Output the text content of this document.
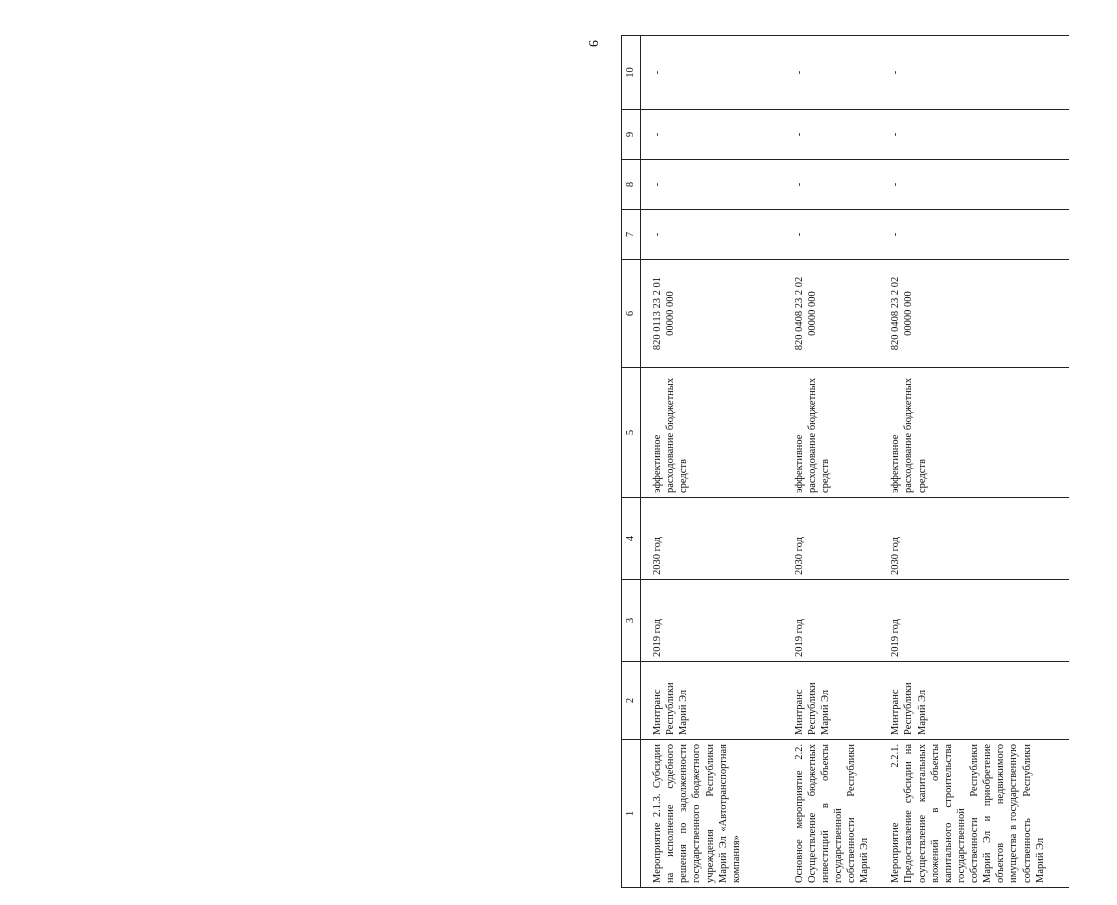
9
1	2	3	4	5	6	7	8	9	10
Мероприятие 2.1.3. Субсидии на исполнение судебного решения по задолженности государственного бюджетного учреждения Республики Марий Эл «Автотранспортная компания»	Минтранс Республики Марий Эл	2019 год	2030 год	эффективное расходование бюджетных средств	820 0113 23 2 01 00000 000	-	-	-	-
Основное мероприятие 2.2. Осуществление бюджетных инвестиций в объекты государственной собственности Республики Марий Эл	Минтранс Республики Марий Эл	2019 год	2030 год	эффективное расходование бюджетных средств	820 0408 23 2 02 00000 000	-	-	-	-
Мероприятие 2.2.1. Предоставление субсидии на осуществление капитальных вложений в объекты капитального строительства государственной собственности Республики Марий Эл и приобретение объектов недвижимого имущества в государственную собственность Республики Марий Эл	Минтранс Республики Марий Эл	2019 год	2030 год	эффективное расходование бюджетных средств	820 0408 23 2 02 00000 000	-	-	-	-
